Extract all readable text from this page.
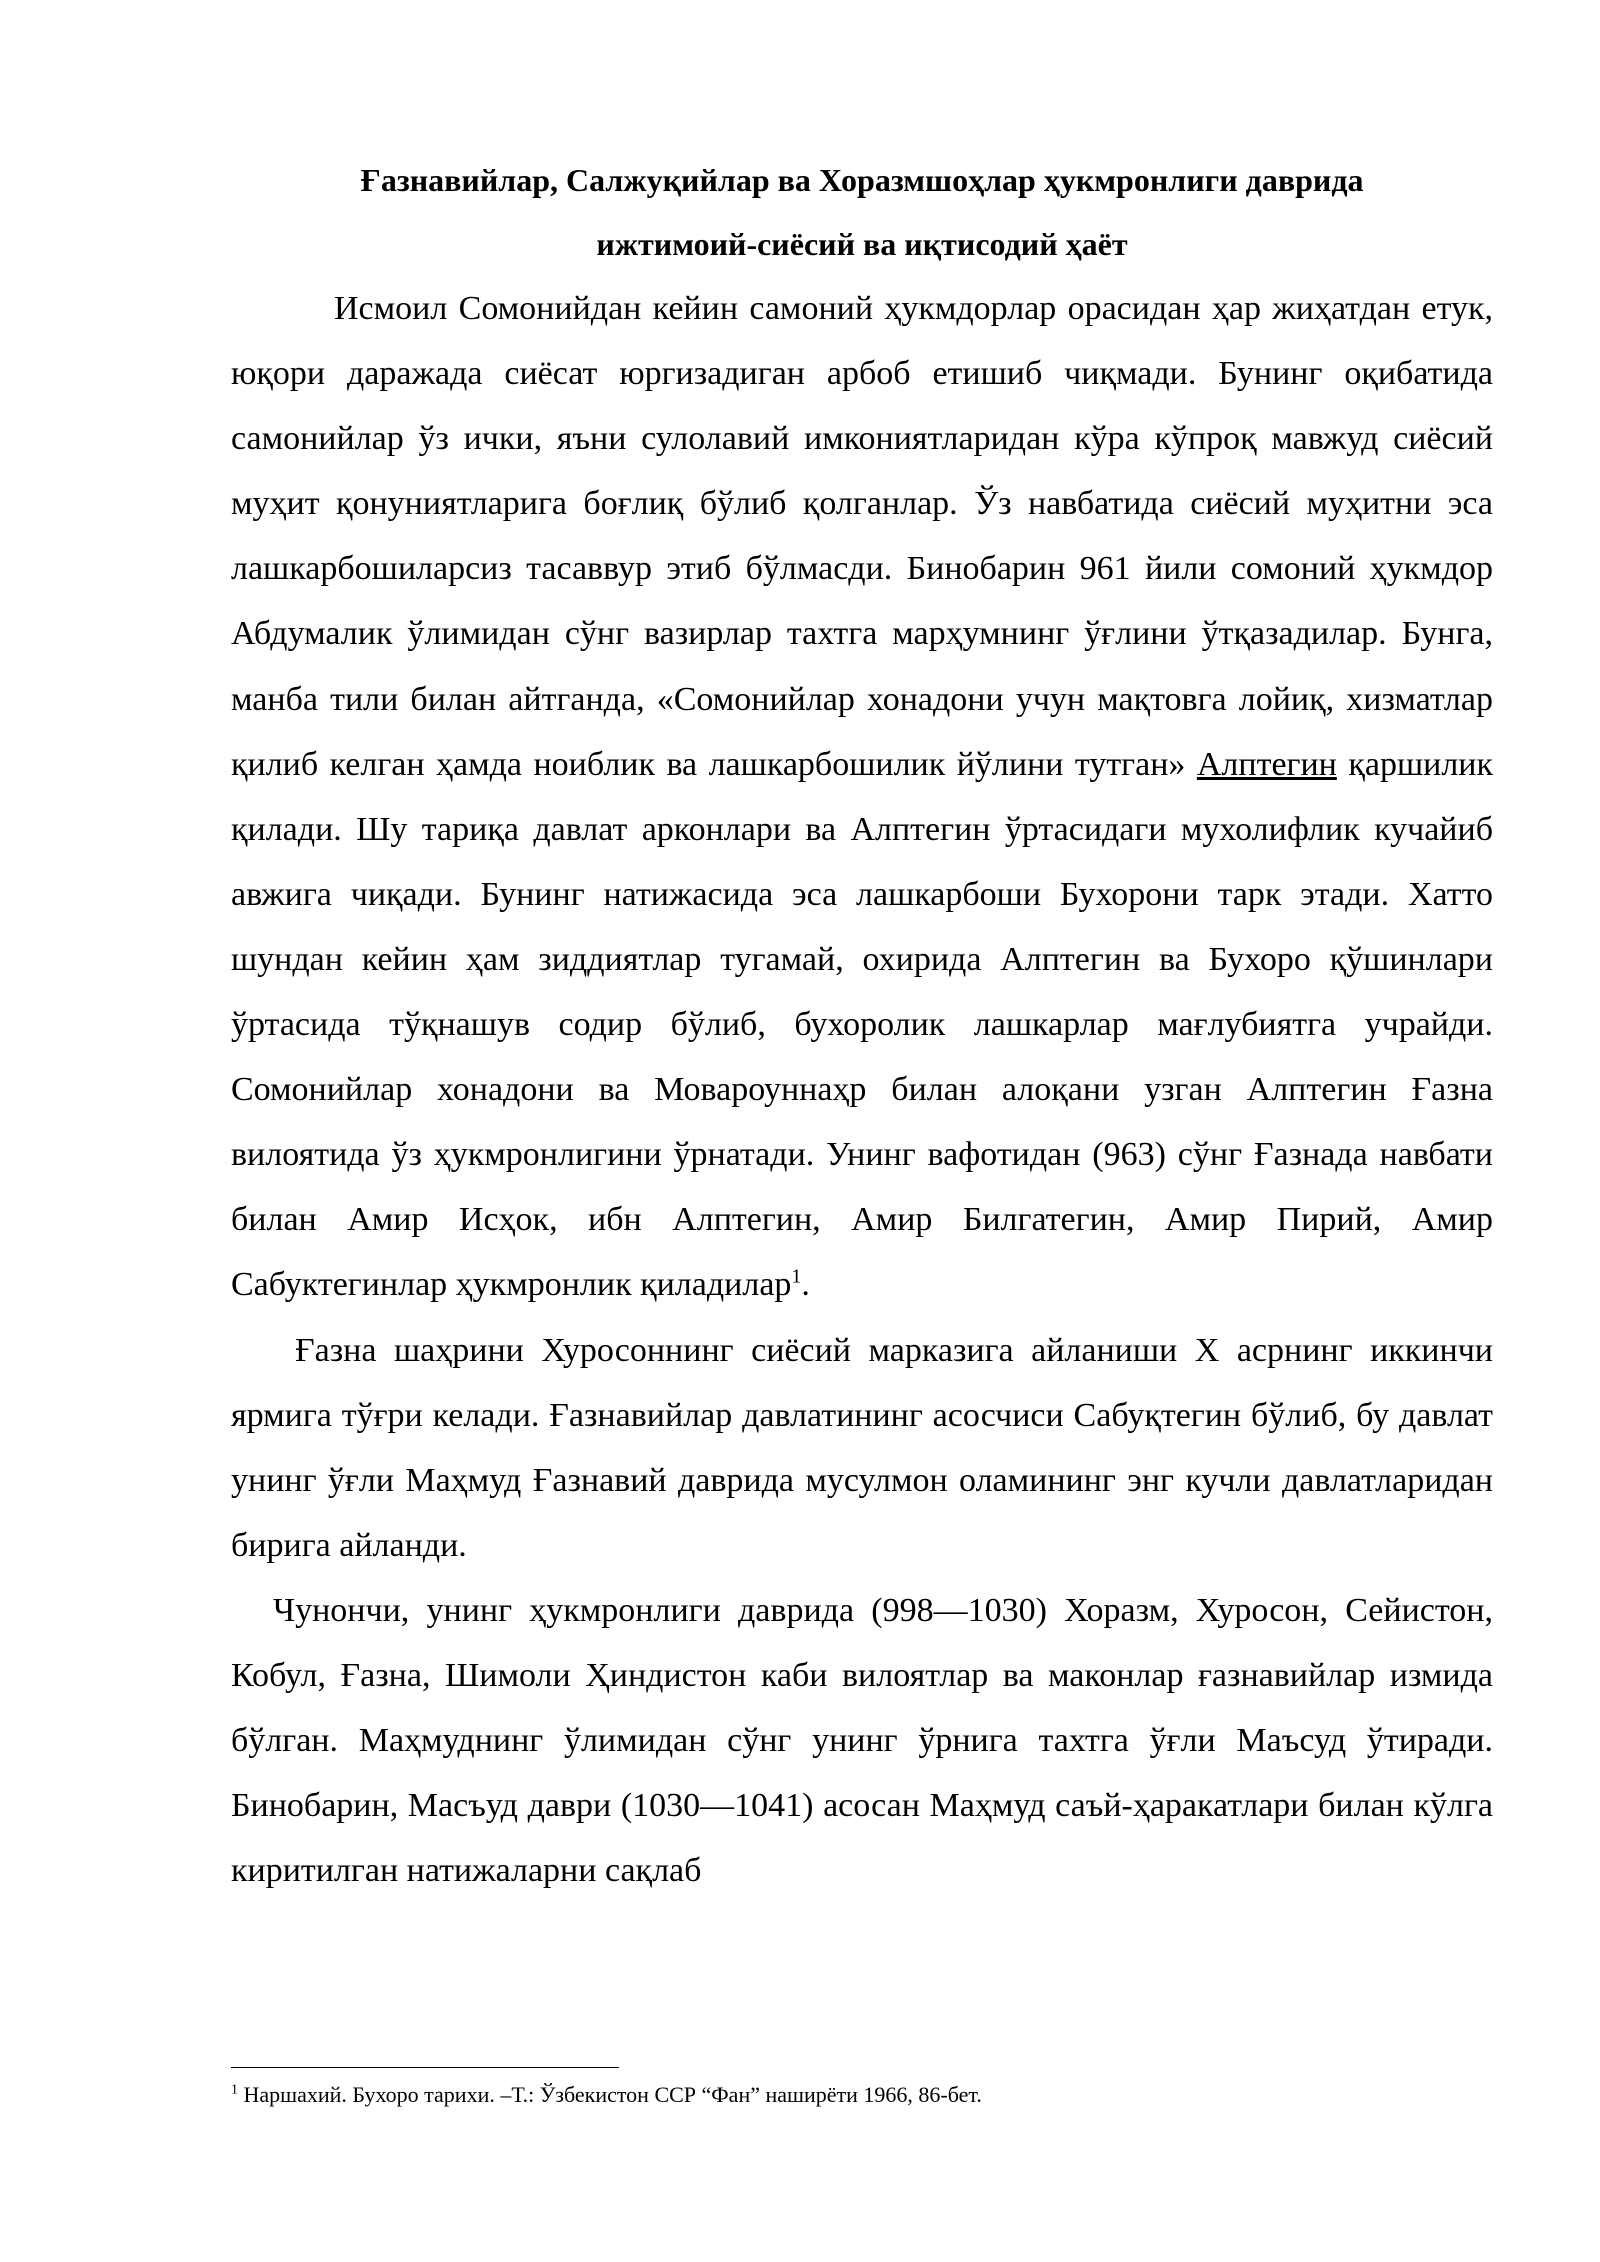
Ғазнавийлар, Салжуқийлар ва Хоразмшоҳлар ҳукмронлиги даврида
ижтимоий-сиёсий ва иқтисодий ҳаёт

Исмоил Сомонийдан кейин самоний ҳукмдорлар орасидан ҳар жиҳатдан етук, юқори даражада сиёсат юргизадиган арбоб етишиб чиқмади. Бунинг оқибатида самонийлар ўз ички, яъни сулолавий имкониятларидан кўра кўпроқ мавжуд сиёсий муҳит қонуниятларига боғлиқ бўлиб қолганлар. Ўз навбатида сиёсий муҳитни эса лашкарбошиларсиз тасаввур этиб бўлмасди. Бинобарин 961 йили сомоний ҳукмдор Абдумалик ўлимидан сўнг вазирлар тахтга марҳумнинг ўғлини ўтқазадилар. Бунга, манба тили билан айтганда, «Сомонийлар хонадони учун мақтовга лойиқ, хизматлар қилиб келган ҳамда ноиблик ва лашкарбошилик йўлини тутган» Алптегин қаршилик қилади. Шу тариқа давлат арконлари ва Алптегин ўртасидаги мухолифлик кучайиб авжига чиқади. Бунинг натижасида эса лашкарбоши Бухорони тарк этади. Хатто шундан кейин ҳам зиддиятлар тугамай, охирида Алптегин ва Бухоро қўшинлари ўртасида тўқнашув содир бўлиб, бухоролик лашкарлар мағлубиятга учрайди. Сомонийлар хонадони ва Мовароуннаҳр билан алоқани узган Алптегин Ғазна вилоятида ўз ҳукмронлигини ўрнатади. Унинг вафотидан (963) сўнг Ғазнада навбати билан Амир Исҳок, ибн Алптегин, Амир Билгатегин, Амир Пирий, Амир Сабуктегинлар ҳукмронлик қиладилар$^1$.

Ғазна шаҳрини Хуросоннинг сиёсий марказига айланиши X асрнинг иккинчи ярмига тўғри келади. Ғазнавийлар давлатининг асосчиси Сабуқтегин бўлиб, бу давлат унинг ўғли Маҳмуд Ғазнавий даврида мусулмон оламининг энг кучли давлатларидан бирига айланди.

Чунончи, унинг ҳукмронлиги даврида (998—1030) Хоразм, Хуросон, Сейистон, Кобул, Ғазна, Шимоли Ҳиндистон каби вилоятлар ва маконлар ғазнавийлар измида бўлган. Маҳмуднинг ўлимидан сўнг унинг ўрнига тахтга ўғли Маъсуд ўтиради. Бинобарин, Масъуд даври (1030—1041) асосан Маҳмуд саъй-ҳаракатлари билан кўлга киритилган натижаларни сақлаб

$^1$ Наршахий. Бухоро тарихи. –Т.: Ўзбекистон ССР “Фан” наширёти 1966, 86-бет.
